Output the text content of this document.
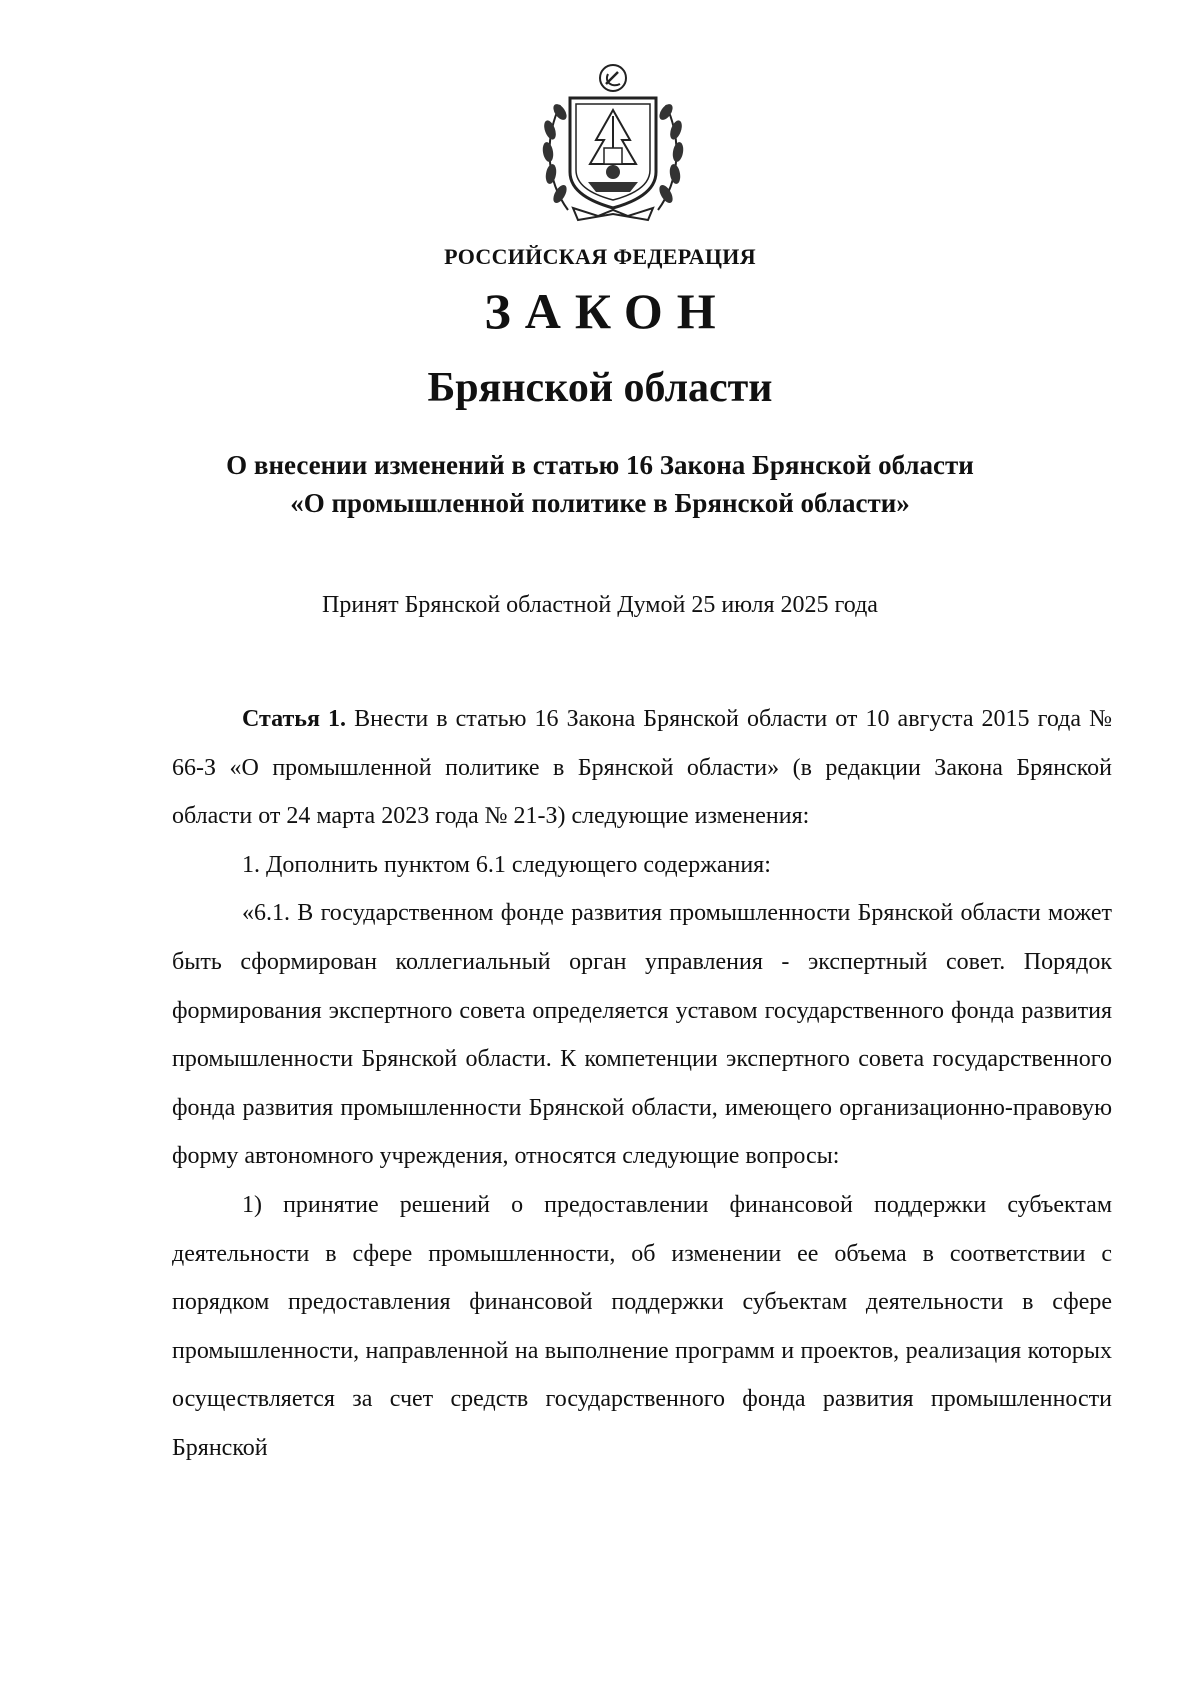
РОССИЙСКАЯ ФЕДЕРАЦИЯ
ЗАКОН
Брянской области
О внесении изменений в статью 16 Закона Брянской области
«О промышленной политике в Брянской области»
Принят Брянской областной Думой 25 июля 2025 года

Статья 1. Внести в статью 16 Закона Брянской области от 10 августа 2015 года № 66-З «О промышленной политике в Брянской области» (в редакции Закона Брянской области от 24 марта 2023 года № 21-З) следующие изменения:

1. Дополнить пунктом 6.1 следующего содержания:

«6.1. В государственном фонде развития промышленности Брянской области может быть сформирован коллегиальный орган управления - экспертный совет. Порядок формирования экспертного совета определяется уставом государственного фонда развития промышленности Брянской области. К компетенции экспертного совета государственного фонда развития промышленности Брянской области, имеющего организационно-правовую форму автономного учреждения, относятся следующие вопросы:

1) принятие решений о предоставлении финансовой поддержки субъектам деятельности в сфере промышленности, об изменении ее объема в соответствии с порядком предоставления финансовой поддержки субъектам деятельности в сфере промышленности, направленной на выполнение программ и проектов, реализация которых осуществляется за счет средств государственного фонда развития промышленности Брянской
